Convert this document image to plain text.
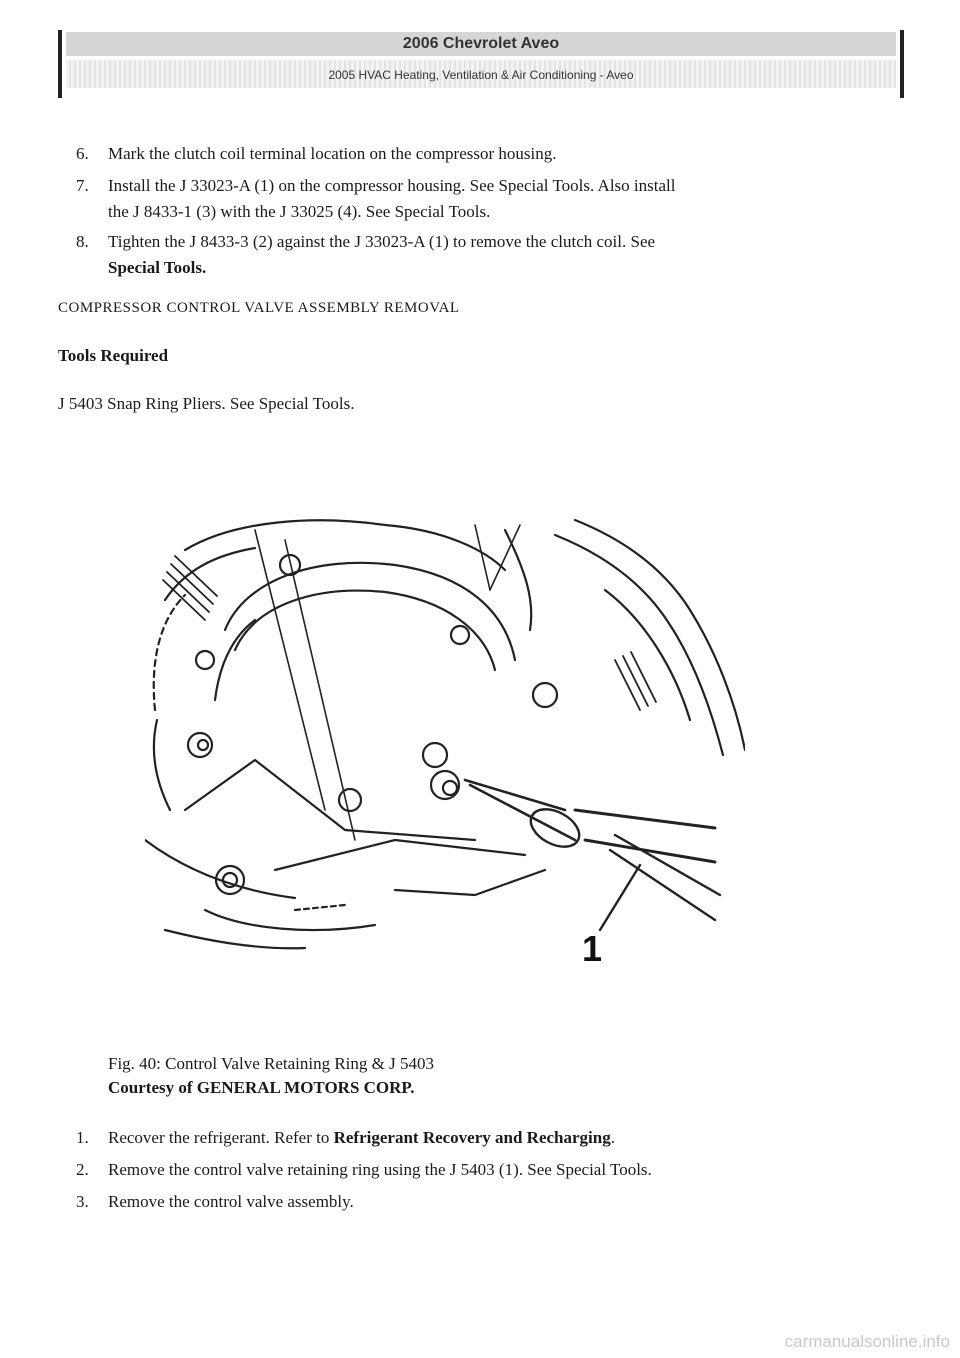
2006 Chevrolet Aveo
2005 HVAC Heating, Ventilation & Air Conditioning - Aveo
6. Mark the clutch coil terminal location on the compressor housing.
7. Install the J 33023-A (1) on the compressor housing. See Special Tools. Also install
the J 8433-1 (3) with the J 33025 (4). See Special Tools.
8. Tighten the J 8433-3 (2) against the J 33023-A (1) to remove the clutch coil. See
Special Tools.
COMPRESSOR CONTROL VALVE ASSEMBLY REMOVAL
Tools Required
J 5403 Snap Ring Pliers. See Special Tools.
1
Fig. 40: Control Valve Retaining Ring & J 5403
Courtesy of GENERAL MOTORS CORP.
1. Recover the refrigerant. Refer to Refrigerant Recovery and Recharging.
2. Remove the control valve retaining ring using the J 5403 (1). See Special Tools.
3. Remove the control valve assembly.
carmanualsonline.info
